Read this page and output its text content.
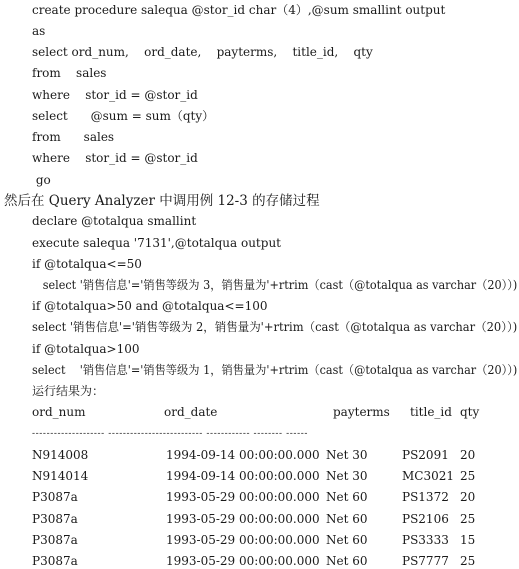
create procedure salequa @stor_id char（4）,@sum smallint output
as
select ord_num,    ord_date,    payterms,    title_id,    qty
from    sales
where    stor_id = @stor_id
select      @sum = sum（qty）
from      sales
where    stor_id = @stor_id
go
然后在 Query Analyzer 中调用例 12-3 的存储过程
declare @totalqua smallint
execute salequa '7131',@totalqua output
if @totalqua<=50
select '销售信息'='销售等级为 3，销售量为'+rtrim（cast（@totalqua as varchar（20））)
if @totalqua>50 and @totalqua<=100
select '销售信息'='销售等级为 2，销售量为'+rtrim（cast（@totalqua as varchar（20））)
if @totalqua>100
select    '销售信息'='销售等级为 1，销售量为'+rtrim（cast（@totalqua as varchar（20））)
运行结果为：
ord_num	ord_date	payterms title_id qty
-------------------- -------------------------- ------------ -------- ------
N914008	1994-09-14 00:00:00.000 Net 30	PS2091 20
N914014	1994-09-14 00:00:00.000 Net 30	MC3021 25
P3087a	1993-05-29 00:00:00.000 Net 60	PS1372 20
P3087a	1993-05-29 00:00:00.000 Net 60	PS2106 25
P3087a	1993-05-29 00:00:00.000 Net 60	PS3333 15
P3087a	1993-05-29 00:00:00.000 Net 60	PS7777 25
